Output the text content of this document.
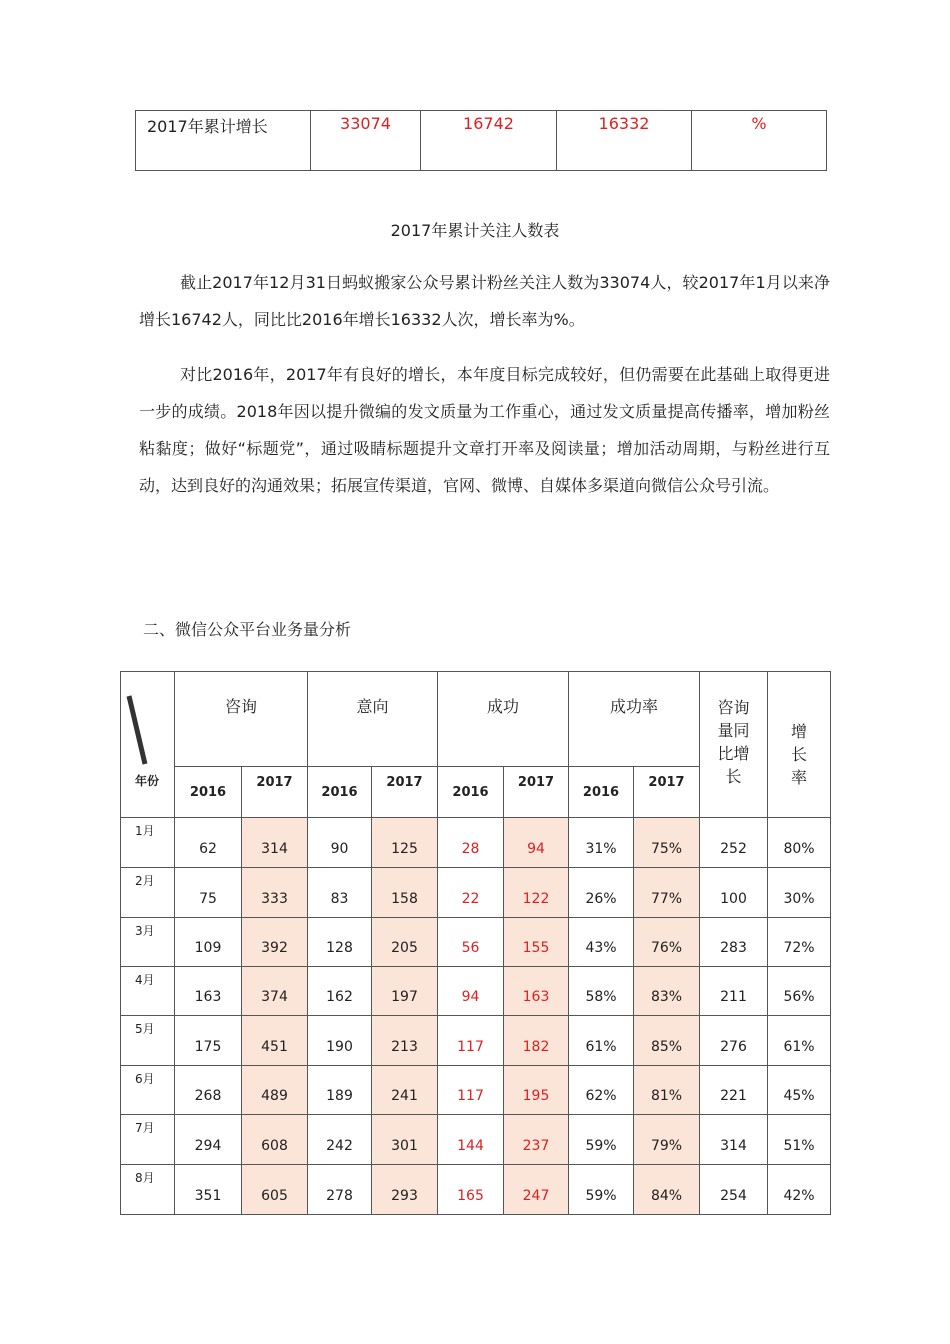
2017年累计增长	33074	16742	16332	%
2017年累计关注人数表

截止2017年12月31日蚂蚁搬家公众号累计粉丝关注人数为33074人，较2017年1月以来净增长16742人，同比比2016年增长16332人次，增长率为%。

对比2016年，2017年有良好的增长，本年度目标完成较好，但仍需要在此基础上取得更进一步的成绩。2018年因以提升微编的发文质量为工作重心，通过发文质量提高传播率，增加粉丝粘黏度；做好“标题党”，通过吸睛标题提升文章打开率及阅读量；增加活动周期，与粉丝进行互动，达到良好的沟通效果；拓展宣传渠道，官网、微博、自媒体多渠道向微信公众号引流。

二、微信公众平台业务量分析
年份	咨询		意向		成功		成功率		咨询量同比增长	增长率
	2016	2017	2016	2017	2016	2017	2016	2017		
1月	62	314	90	125	28	94	31%	75%	252	80%
2月	75	333	83	158	22	122	26%	77%	100	30%
3月	109	392	128	205	56	155	43%	76%	283	72%
4月	163	374	162	197	94	163	58%	83%	211	56%
5月	175	451	190	213	117	182	61%	85%	276	61%
6月	268	489	189	241	117	195	62%	81%	221	45%
7月	294	608	242	301	144	237	59%	79%	314	51%
8月	351	605	278	293	165	247	59%	84%	254	42%
